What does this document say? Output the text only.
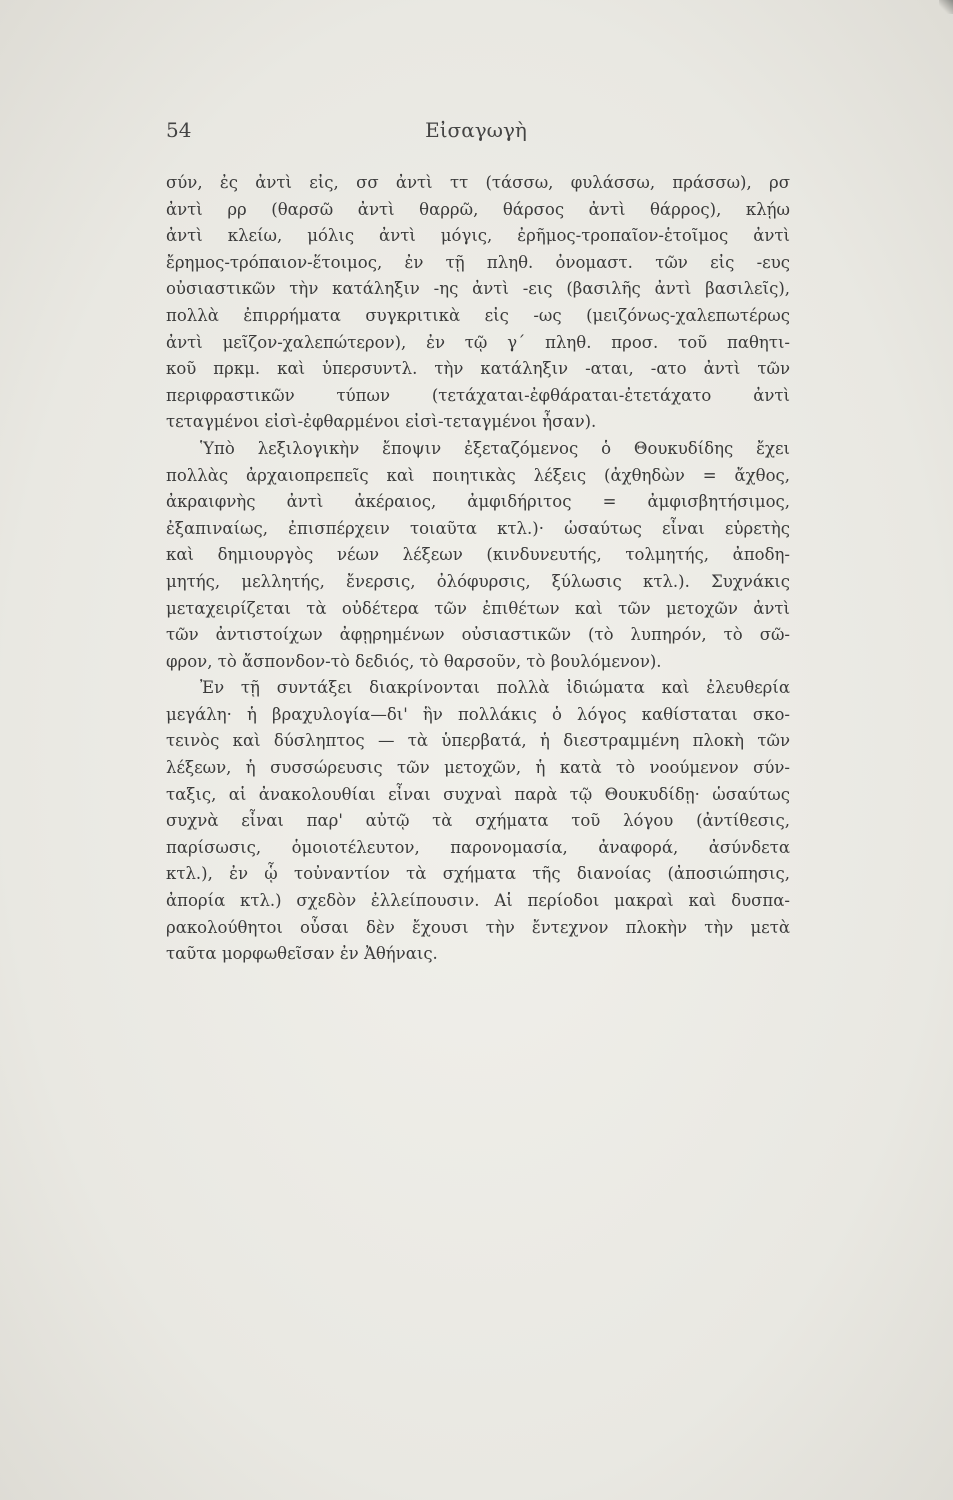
54	Εἰσαγωγὴ
σύν, ἐς ἀντὶ εἰς, σσ ἀντὶ ττ (τάσσω, φυλάσσω, πράσσω), ρσ
ἀντὶ ρρ (θαρσῶ ἀντὶ θαρρῶ, θάρσος ἀντὶ θάρρος), κλῄω
ἀντὶ κλείω, μόλις ἀντὶ μόγις, ἐρῆμος-τροπαῖον-ἑτοῖμος ἀντὶ
ἔρημος-τρόπαιον-ἕτοιμος, ἐν τῇ πληθ. ὀνομαστ. τῶν εἰς -ευς
οὐσιαστικῶν τὴν κατάληξιν -ης ἀντὶ -εις (βασιλῆς ἀντὶ βασιλεῖς),
πολλὰ ἐπιρρήματα συγκριτικὰ εἰς -ως (μειζόνως-χαλεπωτέρως
ἀντὶ μεῖζον-χαλεπώτερον), ἐν τῷ γ΄ πληθ. προσ. τοῦ παθητι-
κοῦ πρκμ. καὶ ὑπερσυντλ. τὴν κατάληξιν -αται, -ατο ἀντὶ τῶν
περιφραστικῶν τύπων (τετάχαται-ἐφθάραται-ἐτετάχατο ἀντὶ
τεταγμένοι εἰσὶ-ἐφθαρμένοι εἰσὶ-τεταγμένοι ἦσαν).
Ὑπὸ λεξιλογικὴν ἔποψιν ἐξεταζόμενος ὁ Θουκυδίδης ἔχει
πολλὰς ἀρχαιοπρεπεῖς καὶ ποιητικὰς λέξεις (ἀχθηδὼν = ἄχθος,
ἀκραιφνὴς ἀντὶ ἀκέραιος, ἀμφιδήριτος = ἀμφισβητήσιμος,
ἐξαπιναίως, ἐπισπέρχειν τοιαῦτα κτλ.)· ὡσαύτως εἶναι εὑρετὴς
καὶ δημιουργὸς νέων λέξεων (κινδυνευτής, τολμητής, ἀποδη-
μητής, μελλητής, ἔνερσις, ὀλόφυρσις, ξύλωσις κτλ.). Συχνάκις
μεταχειρίζεται τὰ οὐδέτερα τῶν ἐπιθέτων καὶ τῶν μετοχῶν ἀντὶ
τῶν ἀντιστοίχων ἀφῃρημένων οὐσιαστικῶν (τὸ λυπηρόν, τὸ σῶ-
φρον, τὸ ἄσπονδον-τὸ δεδιός, τὸ θαρσοῦν, τὸ βουλόμενον).
Ἐν τῇ συντάξει διακρίνονται πολλὰ ἰδιώματα καὶ ἐλευθερία
μεγάλη· ἡ βραχυλογία—δι' ἣν πολλάκις ὁ λόγος καθίσταται σκο-
τεινὸς καὶ δύσληπτος — τὰ ὑπερβατά, ἡ διεστραμμένη πλοκὴ τῶν
λέξεων, ἡ συσσώρευσις τῶν μετοχῶν, ἡ κατὰ τὸ νοούμενον σύν-
ταξις, αἱ ἀνακολουθίαι εἶναι συχναὶ παρὰ τῷ Θουκυδίδῃ· ὡσαύτως
συχνὰ εἶναι παρ' αὐτῷ τὰ σχήματα τοῦ λόγου (ἀντίθεσις,
παρίσωσις, ὁμοιοτέλευτον, παρονομασία, ἀναφορά, ἀσύνδετα
κτλ.), ἐν ᾧ τοὐναντίον τὰ σχήματα τῆς διανοίας (ἀποσιώπησις,
ἀπορία κτλ.) σχεδὸν ἐλλείπουσιν. Αἱ περίοδοι μακραὶ καὶ δυσπα-
ρακολούθητοι οὖσαι δὲν ἔχουσι τὴν ἔντεχνον πλοκὴν τὴν μετὰ
ταῦτα μορφωθεῖσαν ἐν Ἀθήναις.
